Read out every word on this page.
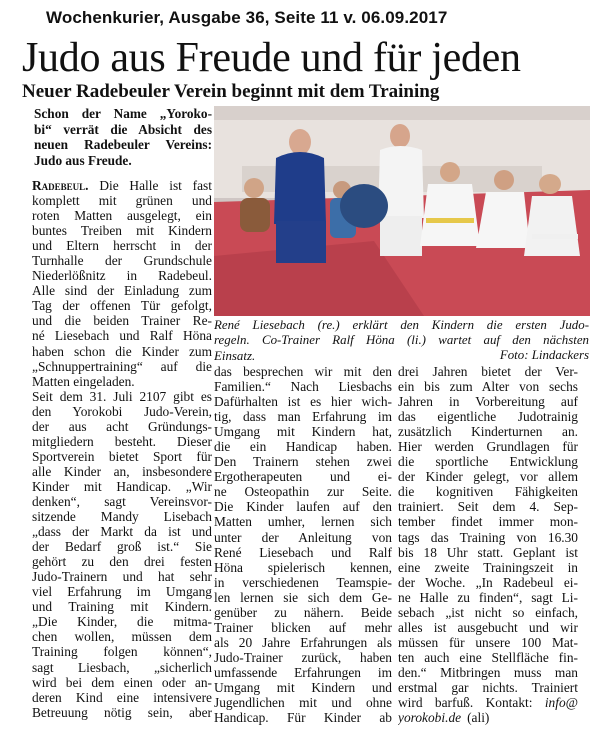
Wochenkurier, Ausgabe 36, Seite 11 v. 06.09.2017
Judo aus Freude und für jeden
Neuer Radebeuler Verein beginnt mit dem Training
Schon der Name „Yoroko-
bi“ verrät die Absicht des
neuen Radebeuler Vereins:
Judo aus Freude.
René Liesebach (re.) erklärt den Kindern die ersten Judo-
regeln. Co-Trainer Ralf Höna (li.) wartet auf den nächsten
Einsatz.	Foto: Lindackers
Radebeul. Die Halle ist fast
komplett mit grünen und
roten Matten ausgelegt, ein
buntes Treiben mit Kindern
und Eltern herrscht in der
Turnhalle der Grundschule
Niederlößnitz in Radebeul.
Alle sind der Einladung zum
Tag der offenen Tür gefolgt,
und die beiden Trainer Re-
né Liesebach und Ralf Höna
haben schon die Kinder zum
„Schnuppertraining“ auf die
Matten eingeladen.
Seit dem 31. Juli 2107 gibt es
den Yorokobi Judo-Verein,
der aus acht Gründungs-
mitgliedern besteht. Dieser
Sportverein bietet Sport für
alle Kinder an, insbesondere
Kinder mit Handicap. „Wir
denken“, sagt Vereinsvor-
sitzende Mandy Lisebach
„dass der Markt da ist und
der Bedarf groß ist.“ Sie
gehört zu den drei festen
Judo-Trainern und hat sehr
viel Erfahrung im Umgang
und Training mit Kindern.
„Die Kinder, die mitma-
chen wollen, müssen dem
Training folgen können“,
sagt Liesbach, „sicherlich
wird bei dem einen oder an-
deren Kind eine intensivere
Betreuung nötig sein, aber
das besprechen wir mit den
Familien.“ Nach Liesbachs
Dafürhalten ist es hier wich-
tig, dass man Erfahrung im
Umgang mit Kindern hat,
die ein Handicap haben.
Den Trainern stehen zwei
Ergotherapeuten und ei-
ne Osteopathin zur Seite.
Die Kinder laufen auf den
Matten umher, lernen sich
unter der Anleitung von
René Liesebach und Ralf
Höna spielerisch kennen,
in verschiedenen Teamspie-
len lernen sie sich dem Ge-
genüber zu nähern. Beide
Trainer blicken auf mehr
als 20 Jahre Erfahrungen als
Judo-Trainer zurück, haben
umfassende Erfahrungen im
Umgang mit Kindern und
Jugendlichen mit und ohne
Handicap. Für Kinder ab
drei Jahren bietet der Ver-
ein bis zum Alter von sechs
Jahren in Vorbereitung auf
das eigentliche Judotrainig
zusätzlich Kinderturnen an.
Hier werden Grundlagen für
die sportliche Entwicklung
der Kinder gelegt, vor allem
die kognitiven Fähigkeiten
trainiert. Seit dem 4. Sep-
tember findet immer mon-
tags das Training von 16.30
bis 18 Uhr statt. Geplant ist
eine zweite Trainingszeit in
der Woche. „In Radebeul ei-
ne Halle zu finden“, sagt Li-
sebach „ist nicht so einfach,
alles ist ausgebucht und wir
müssen für unsere 100 Mat-
ten auch eine Stellfläche fin-
den.“ Mitbringen muss man
erstmal gar nichts. Trainiert
wird barfuß. Kontakt: info@
yorokobi.de (ali)
